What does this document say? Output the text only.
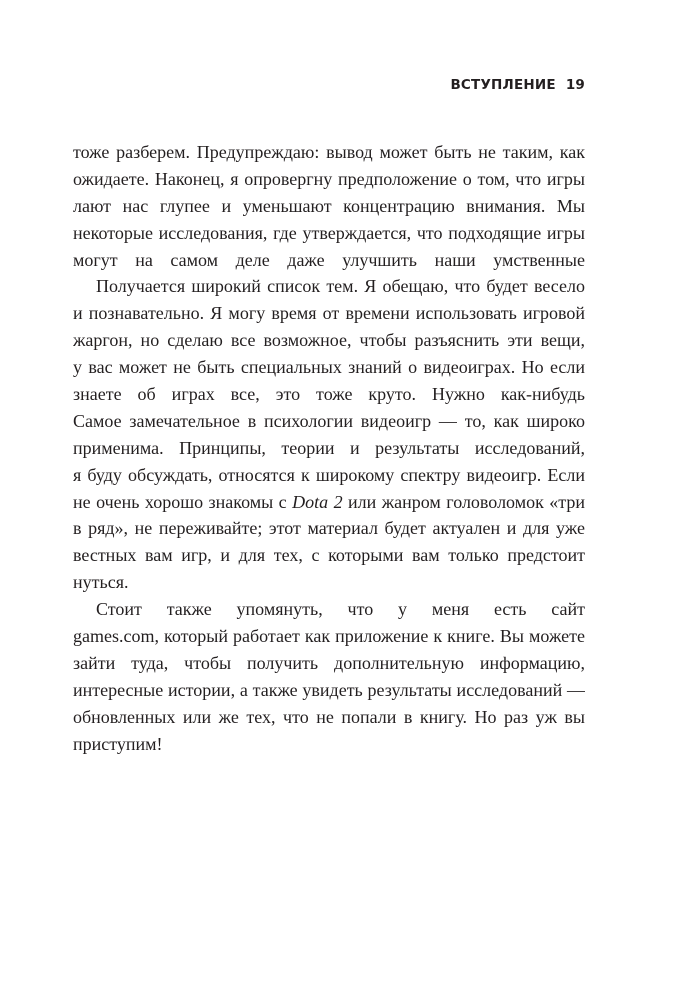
ВСТУПЛЕНИЕ 19
тоже разберем. Предупреждаю: вывод может быть не таким, как
ожидаете. Наконец, я опровергну предположение о том, что игры
лают нас глупее и уменьшают концентрацию внимания. Мы
некоторые исследования, где утверждается, что подходящие игры
могут на самом деле даже улучшить наши умственные
Получается широкий список тем. Я обещаю, что будет весело
и познавательно. Я могу время от времени использовать игровой
жаргон, но сделаю все возможное, чтобы разъяснить эти вещи,
у вас может не быть специальных знаний о видеоиграх. Но если
знаете об играх все, это тоже круто. Нужно как-нибудь
Самое замечательное в психологии видеоигр — то, как широко
применима. Принципы, теории и результаты исследований,
я буду обсуждать, относятся к широкому спектру видеоигр. Если
не очень хорошо знакомы с Dota 2 или жанром головоломок «три
в ряд», не переживайте; этот материал будет актуален и для уже
вестных вам игр, и для тех, с которыми вам только предстоит
нуться.
Стоит также упомянуть, что у меня есть сайт
games.com, который работает как приложение к книге. Вы можете
зайти туда, чтобы получить дополнительную информацию,
интересные истории, а также увидеть результаты исследований —
обновленных или же тех, что не попали в книгу. Но раз уж вы
приступим!
